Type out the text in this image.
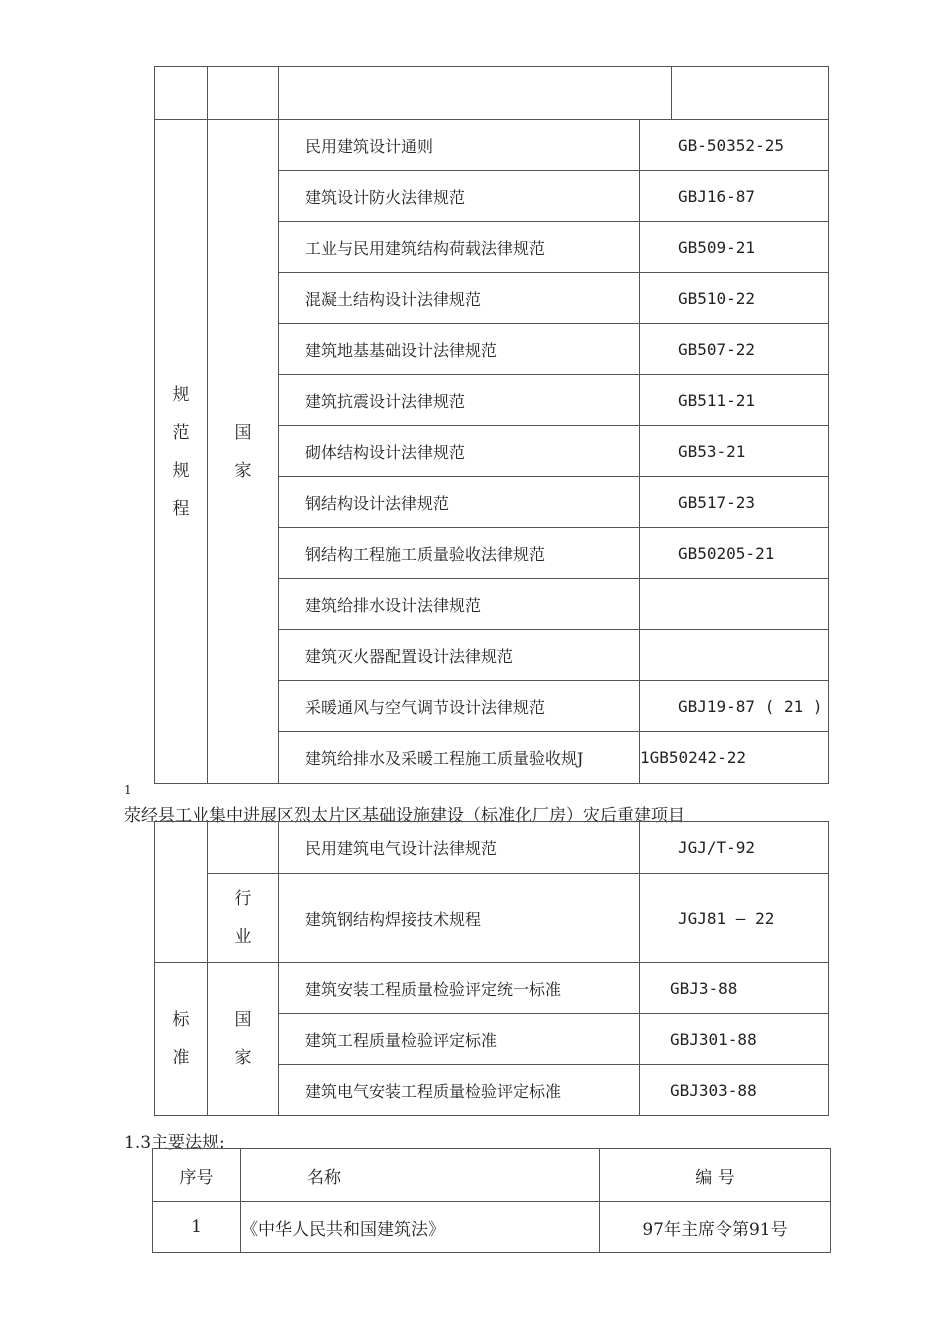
规范规程	国家	民用建筑设计通则	GB-50352-25
		建筑设计防火法律规范	GBJ16-87
		工业与民用建筑结构荷载法律规范	GB509-21
		混凝土结构设计法律规范	GB510-22
		建筑地基基础设计法律规范	GB507-22
		建筑抗震设计法律规范	GB511-21
		砌体结构设计法律规范	GB53-21
		钢结构设计法律规范	GB517-23
		钢结构工程施工质量验收法律规范	GB50205-21
		建筑给排水设计法律规范	
		建筑灭火器配置设计法律规范	
		采暖通风与空气调节设计法律规范	GBJ19-87 ( 21 )
		建筑给排水及采暖工程施工质量验收规J	1GB50242-22
1
荥经县工业集中进展区烈太片区基础设施建设（标准化厂房）灾后重建项目
		民用建筑电气设计法律规范	JGJ/T-92

	行业	建筑钢结构焊接技术规程	JGJ81 — 22

标准	国家	建筑安装工程质量检验评定统一标准	GBJ3-88
		建筑工程质量检验评定标准	GBJ301-88
		建筑电气安装工程质量检验评定标准	GBJ303-88
1.3主要法规:
序号	名称	编 号
1	《中华人民共和国建筑法》	97年主席令第91号
